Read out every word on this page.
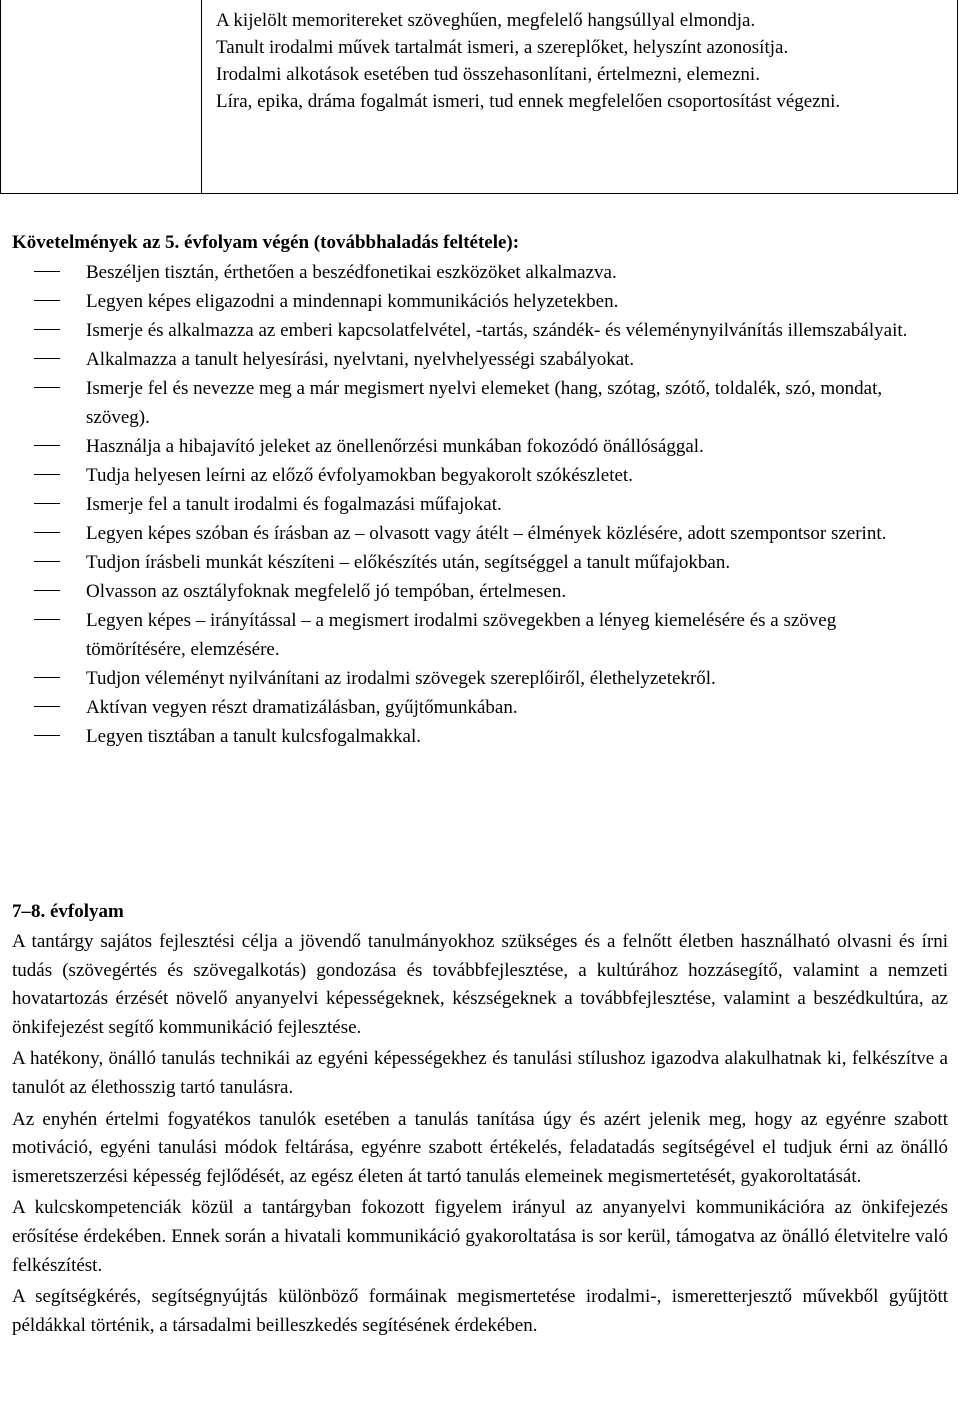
A kijelölt memoritereket szöveghűen, megfelelő hangsúllyal elmondja.

Tanult irodalmi művek tartalmát ismeri, a szereplőket, helyszínt azonosítja.

Irodalmi alkotások esetében tud összehasonlítani, értelmezni, elemezni.

Líra, epika, dráma fogalmát ismeri, tud ennek megfelelően csoportosítást végezni.

Követelmények az 5. évfolyam végén (továbbhaladás feltétele):
Beszéljen tisztán, érthetően a beszédfonetikai eszközöket alkalmazva.
Legyen képes eligazodni a mindennapi kommunikációs helyzetekben.
Ismerje és alkalmazza az emberi kapcsolatfelvétel, -tartás, szándék- és véleménynyilvánítás illemszabályait.
Alkalmazza a tanult helyesírási, nyelvtani, nyelvhelyességi szabályokat.
Ismerje fel és nevezze meg a már megismert nyelvi elemeket (hang, szótag, szótő, toldalék, szó, mondat, szöveg).
Használja a hibajavító jeleket az önellenőrzési munkában fokozódó önállósággal.
Tudja helyesen leírni az előző évfolyamokban begyakorolt szókészletet.
Ismerje fel a tanult irodalmi és fogalmazási műfajokat.
Legyen képes szóban és írásban az – olvasott vagy átélt – élmények közlésére, adott szempontsor szerint.
Tudjon írásbeli munkát készíteni – előkészítés után, segítséggel a tanult műfajokban.
Olvasson az osztályfoknak megfelelő jó tempóban, értelmesen.
Legyen képes – irányítással – a megismert irodalmi szövegekben a lényeg kiemelésére és a szöveg tömörítésére, elemzésére.
Tudjon véleményt nyilvánítani az irodalmi szövegek szereplőiről, élethelyzetekről.
Aktívan vegyen részt dramatizálásban, gyűjtőmunkában.
Legyen tisztában a tanult kulcsfogalmakkal.
7–8. évfolyam

A tantárgy sajátos fejlesztési célja a jövendő tanulmányokhoz szükséges és a felnőtt életben használható olvasni és írni tudás (szövegértés és szövegalkotás) gondozása és továbbfejlesztése, a kultúrához hozzásegítő, valamint a nemzeti hovatartozás érzését növelő anyanyelvi képességeknek, készségeknek a továbbfejlesztése, valamint a beszédkultúra, az önkifejezést segítő kommunikáció fejlesztése.

A hatékony, önálló tanulás technikái az egyéni képességekhez és tanulási stílushoz igazodva alakulhatnak ki, felkészítve a tanulót az élethosszig tartó tanulásra.

Az enyhén értelmi fogyatékos tanulók esetében a tanulás tanítása úgy és azért jelenik meg, hogy az egyénre szabott motiváció, egyéni tanulási módok feltárása, egyénre szabott értékelés, feladatadás segítségével el tudjuk érni az önálló ismeretszerzési képesség fejlődését, az egész életen át tartó tanulás elemeinek megismertetését, gyakoroltatását.

A kulcskompetenciák közül a tantárgyban fokozott figyelem irányul az anyanyelvi kommunikációra az önkifejezés erősítése érdekében. Ennek során a hivatali kommunikáció gyakoroltatása is sor kerül, támogatva az önálló életvitelre való felkészítést.

A segítségkérés, segítségnyújtás különböző formáinak megismertetése irodalmi-, ismeretterjesztő művekből gyűjtött példákkal történik, a társadalmi beilleszkedés segítésének érdekében.
